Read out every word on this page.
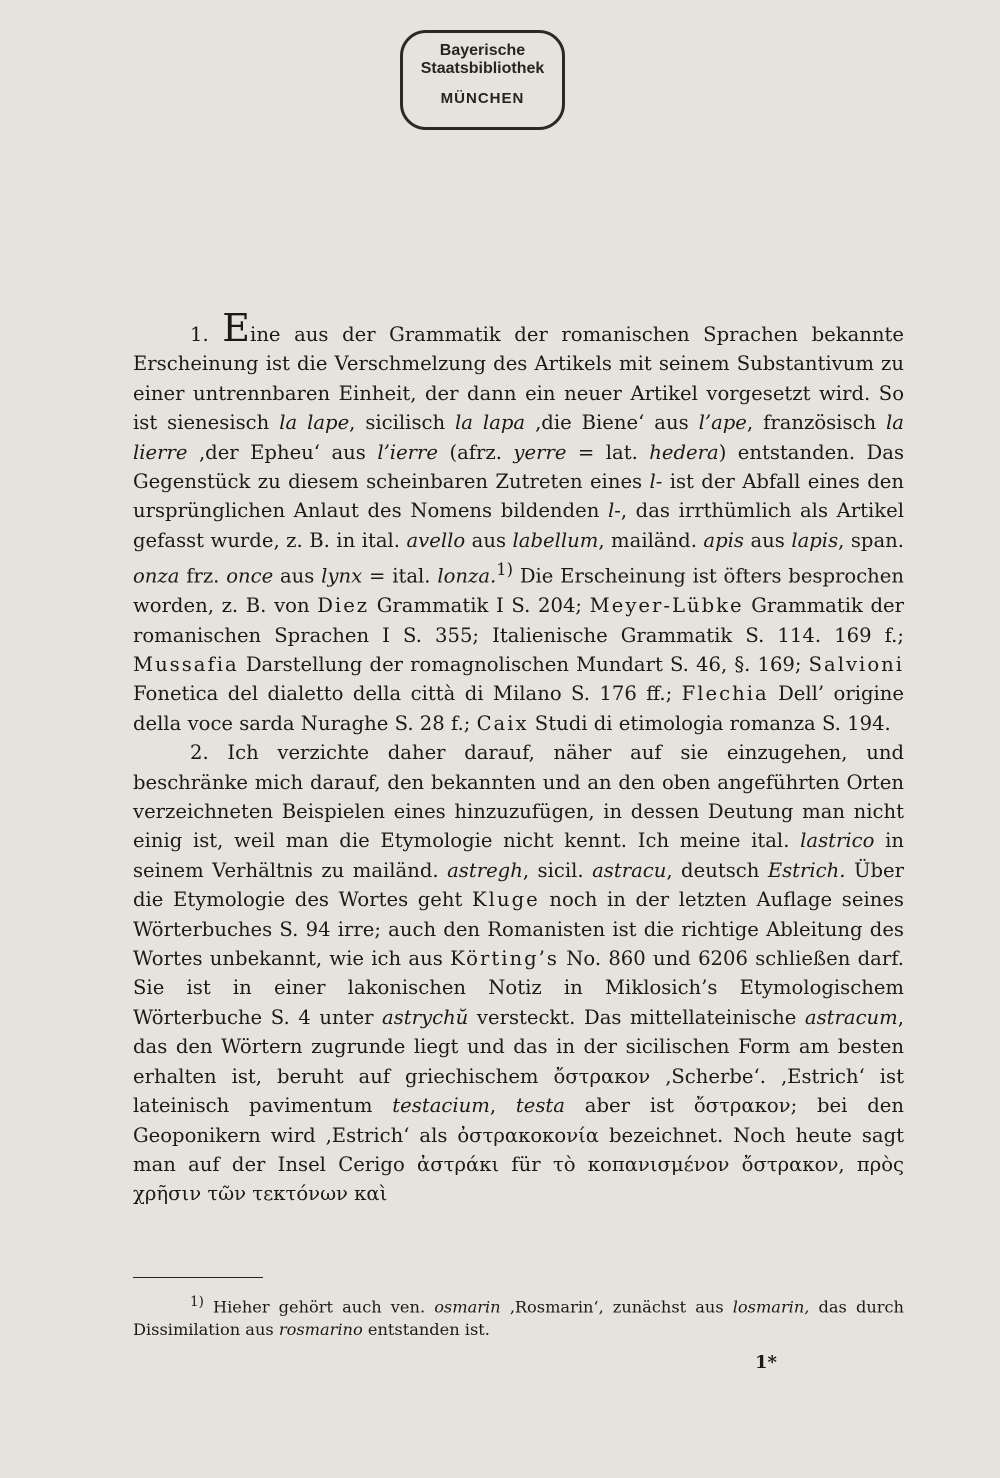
Bayerische
Staatsbibliothek
MÜNCHEN

1. Eine aus der Grammatik der romanischen Sprachen bekannte Erscheinung ist die Verschmelzung des Artikels mit seinem Substantivum zu einer untrennbaren Einheit, der dann ein neuer Artikel vorgesetzt wird. So ist sienesisch la lape, sicilisch la lapa ‚die Biene‘ aus l’ape, französisch la lierre ‚der Epheu‘ aus l’ierre (afrz. yerre = lat. hedera) entstanden. Das Gegenstück zu diesem scheinbaren Zutreten eines l- ist der Abfall eines den ursprünglichen Anlaut des Nomens bildenden l-, das irrthümlich als Artikel gefasst wurde, z. B. in ital. avello aus labellum, mailänd. apis aus lapis, span. onza frz. once aus lynx = ital. lonza.$^{1)}$ Die Erscheinung ist öfters besprochen worden, z. B. von Diez Grammatik I S. 204; Meyer-Lübke Grammatik der romanischen Sprachen I S. 355; Italienische Grammatik S. 114. 169 f.; Mussafia Darstellung der romagnolischen Mundart S. 46, §. 169; Salvioni Fonetica del dialetto della città di Milano S. 176 ff.; Flechia Dell’ origine della voce sarda Nuraghe S. 28 f.; Caix Studi di etimologia romanza S. 194.

2. Ich verzichte daher darauf, näher auf sie einzugehen, und beschränke mich darauf, den bekannten und an den oben angeführten Orten verzeichneten Beispielen eines hinzuzufügen, in dessen Deutung man nicht einig ist, weil man die Etymologie nicht kennt. Ich meine ital. lastrico in seinem Verhältnis zu mailänd. astregh, sicil. astracu, deutsch Estrich. Über die Etymologie des Wortes geht Kluge noch in der letzten Auflage seines Wörterbuches S. 94 irre; auch den Romanisten ist die richtige Ableitung des Wortes unbekannt, wie ich aus Körting’s No. 860 und 6206 schließen darf. Sie ist in einer lakonischen Notiz in Miklosich’s Etymologischem Wörterbuche S. 4 unter astrychŭ versteckt. Das mittellateinische astracum, das den Wörtern zugrunde liegt und das in der sicilischen Form am besten erhalten ist, beruht auf griechischem ὄστρακον ‚Scherbe‘. ‚Estrich‘ ist lateinisch pavimentum testacium, testa aber ist ὄστρακον; bei den Geoponikern wird ‚Estrich‘ als ὀστρακοκονία bezeichnet. Noch heute sagt man auf der Insel Cerigo ἀστράκι für τὸ κοπανισμένον ὄστρακον, πρὸς χρῆσιν τῶν τεκτόνων καὶ

$^{1)}$ Hieher gehört auch ven. osmarin ‚Rosmarin‘, zunächst aus losmarin, das durch Dissimilation aus rosmarino entstanden ist.

1*
